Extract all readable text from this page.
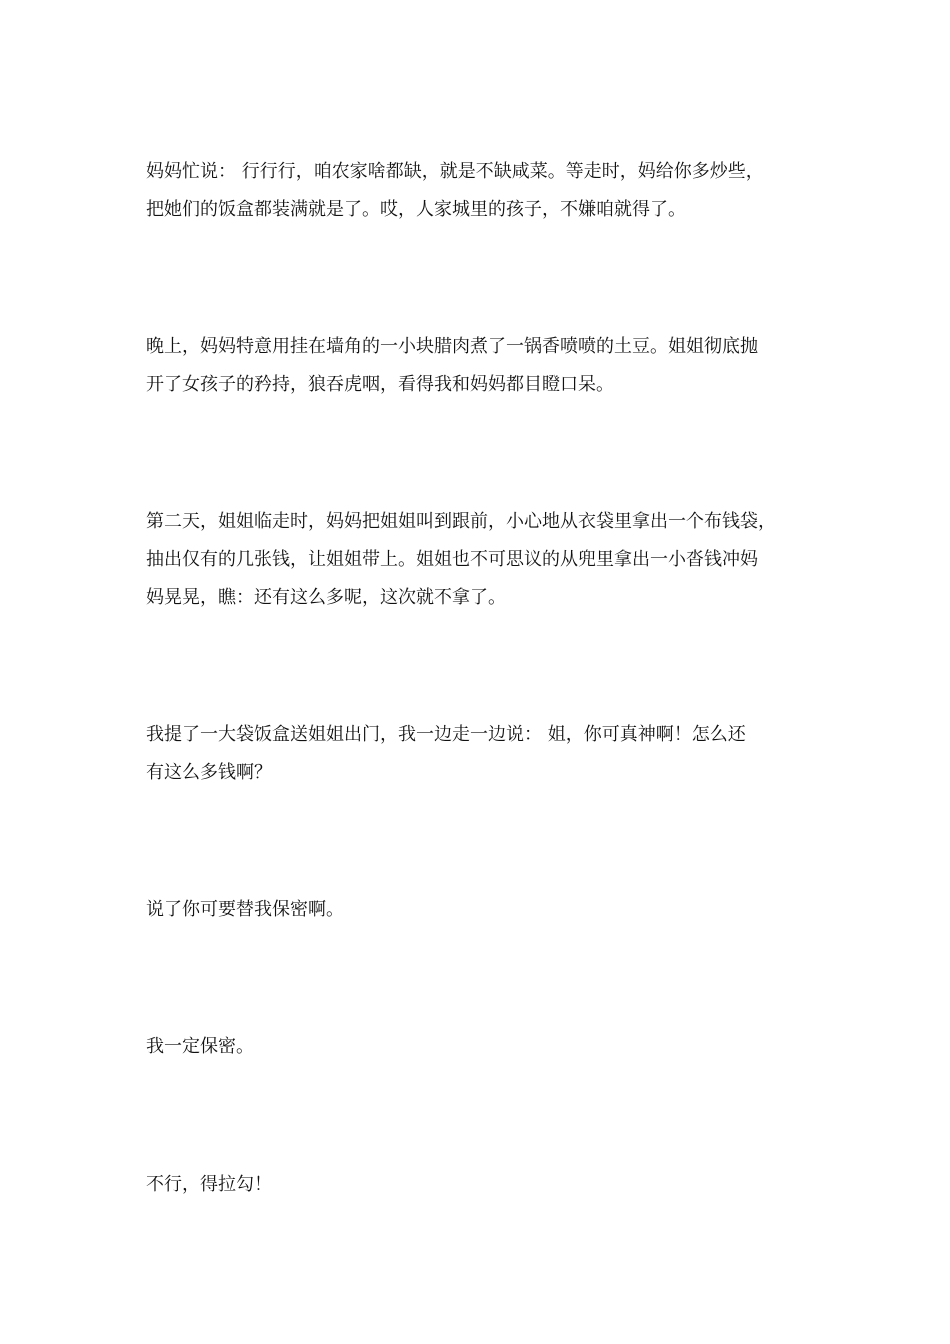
妈妈忙说： 行行行，咱农家啥都缺，就是不缺咸菜。等走时，妈给你多炒些，
把她们的饭盒都装满就是了。哎，人家城里的孩子，不嫌咱就得了。

晚上，妈妈特意用挂在墙角的一小块腊肉煮了一锅香喷喷的土豆。姐姐彻底抛
开了女孩子的矜持，狼吞虎咽，看得我和妈妈都目瞪口呆。

第二天，姐姐临走时，妈妈把姐姐叫到跟前，小心地从衣袋里拿出一个布钱袋，
抽出仅有的几张钱，让姐姐带上。姐姐也不可思议的从兜里拿出一小沓钱冲妈
妈晃晃，瞧：还有这么多呢，这次就不拿了。

我提了一大袋饭盒送姐姐出门，我一边走一边说： 姐，你可真神啊！怎么还
有这么多钱啊？

说了你可要替我保密啊。

我一定保密。

不行，得拉勾！
